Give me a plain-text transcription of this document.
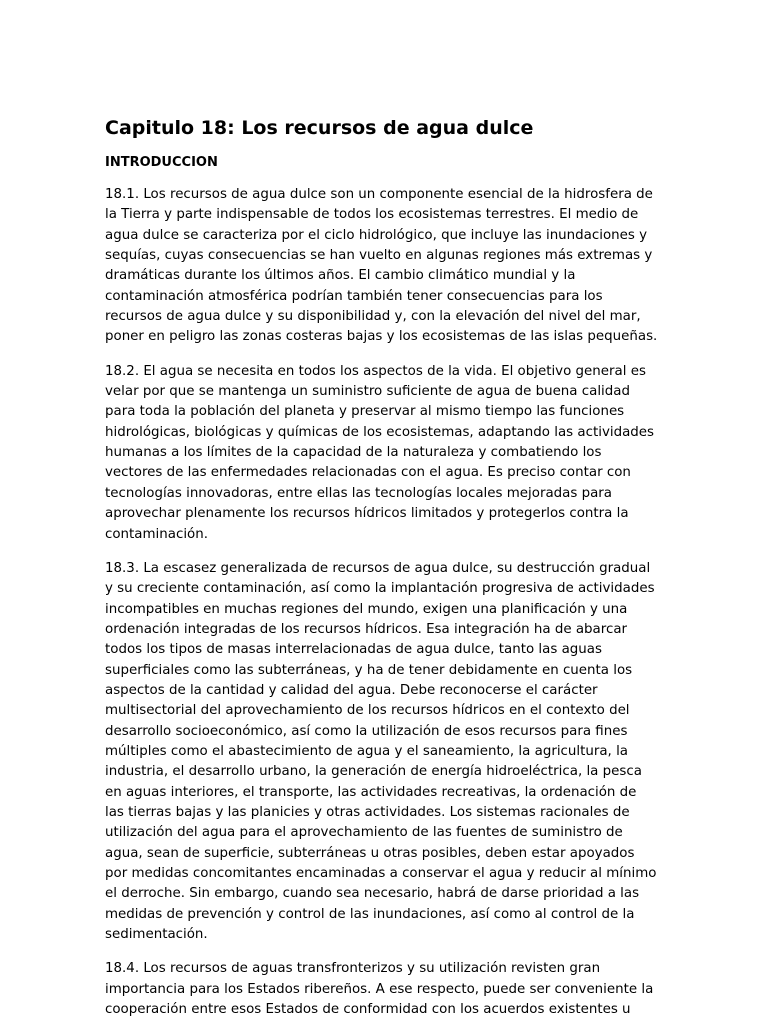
Capitulo 18: Los recursos de agua dulce
INTRODUCCION
18.1. Los recursos de agua dulce son un componente esencial de la hidrosfera de
la Tierra y parte indispensable de todos los ecosistemas terrestres. El medio de
agua dulce se caracteriza por el ciclo hidrológico, que incluye las inundaciones y
sequías, cuyas consecuencias se han vuelto en algunas regiones más extremas y
dramáticas durante los últimos años. El cambio climático mundial y la
contaminación atmosférica podrían también tener consecuencias para los
recursos de agua dulce y su disponibilidad y, con la elevación del nivel del mar,
poner en peligro las zonas costeras bajas y los ecosistemas de las islas pequeñas.
18.2. El agua se necesita en todos los aspectos de la vida. El objetivo general es
velar por que se mantenga un suministro suficiente de agua de buena calidad
para toda la población del planeta y preservar al mismo tiempo las funciones
hidrológicas, biológicas y químicas de los ecosistemas, adaptando las actividades
humanas a los límites de la capacidad de la naturaleza y combatiendo los
vectores de las enfermedades relacionadas con el agua. Es preciso contar con
tecnologías innovadoras, entre ellas las tecnologías locales mejoradas para
aprovechar plenamente los recursos hídricos limitados y protegerlos contra la
contaminación.
18.3. La escasez generalizada de recursos de agua dulce, su destrucción gradual
y su creciente contaminación, así como la implantación progresiva de actividades
incompatibles en muchas regiones del mundo, exigen una planificación y una
ordenación integradas de los recursos hídricos. Esa integración ha de abarcar
todos los tipos de masas interrelacionadas de agua dulce, tanto las aguas
superficiales como las subterráneas, y ha de tener debidamente en cuenta los
aspectos de la cantidad y calidad del agua. Debe reconocerse el carácter
multisectorial del aprovechamiento de los recursos hídricos en el contexto del
desarrollo socioeconómico, así como la utilización de esos recursos para fines
múltiples como el abastecimiento de agua y el saneamiento, la agricultura, la
industria, el desarrollo urbano, la generación de energía hidroeléctrica, la pesca
en aguas interiores, el transporte, las actividades recreativas, la ordenación de
las tierras bajas y las planicies y otras actividades. Los sistemas racionales de
utilización del agua para el aprovechamiento de las fuentes de suministro de
agua, sean de superficie, subterráneas u otras posibles, deben estar apoyados
por medidas concomitantes encaminadas a conservar el agua y reducir al mínimo
el derroche. Sin embargo, cuando sea necesario, habrá de darse prioridad a las
medidas de prevención y control de las inundaciones, así como al control de la
sedimentación.
18.4. Los recursos de aguas transfronterizos y su utilización revisten gran
importancia para los Estados ribereños. A ese respecto, puede ser conveniente la
cooperación entre esos Estados de conformidad con los acuerdos existentes u
